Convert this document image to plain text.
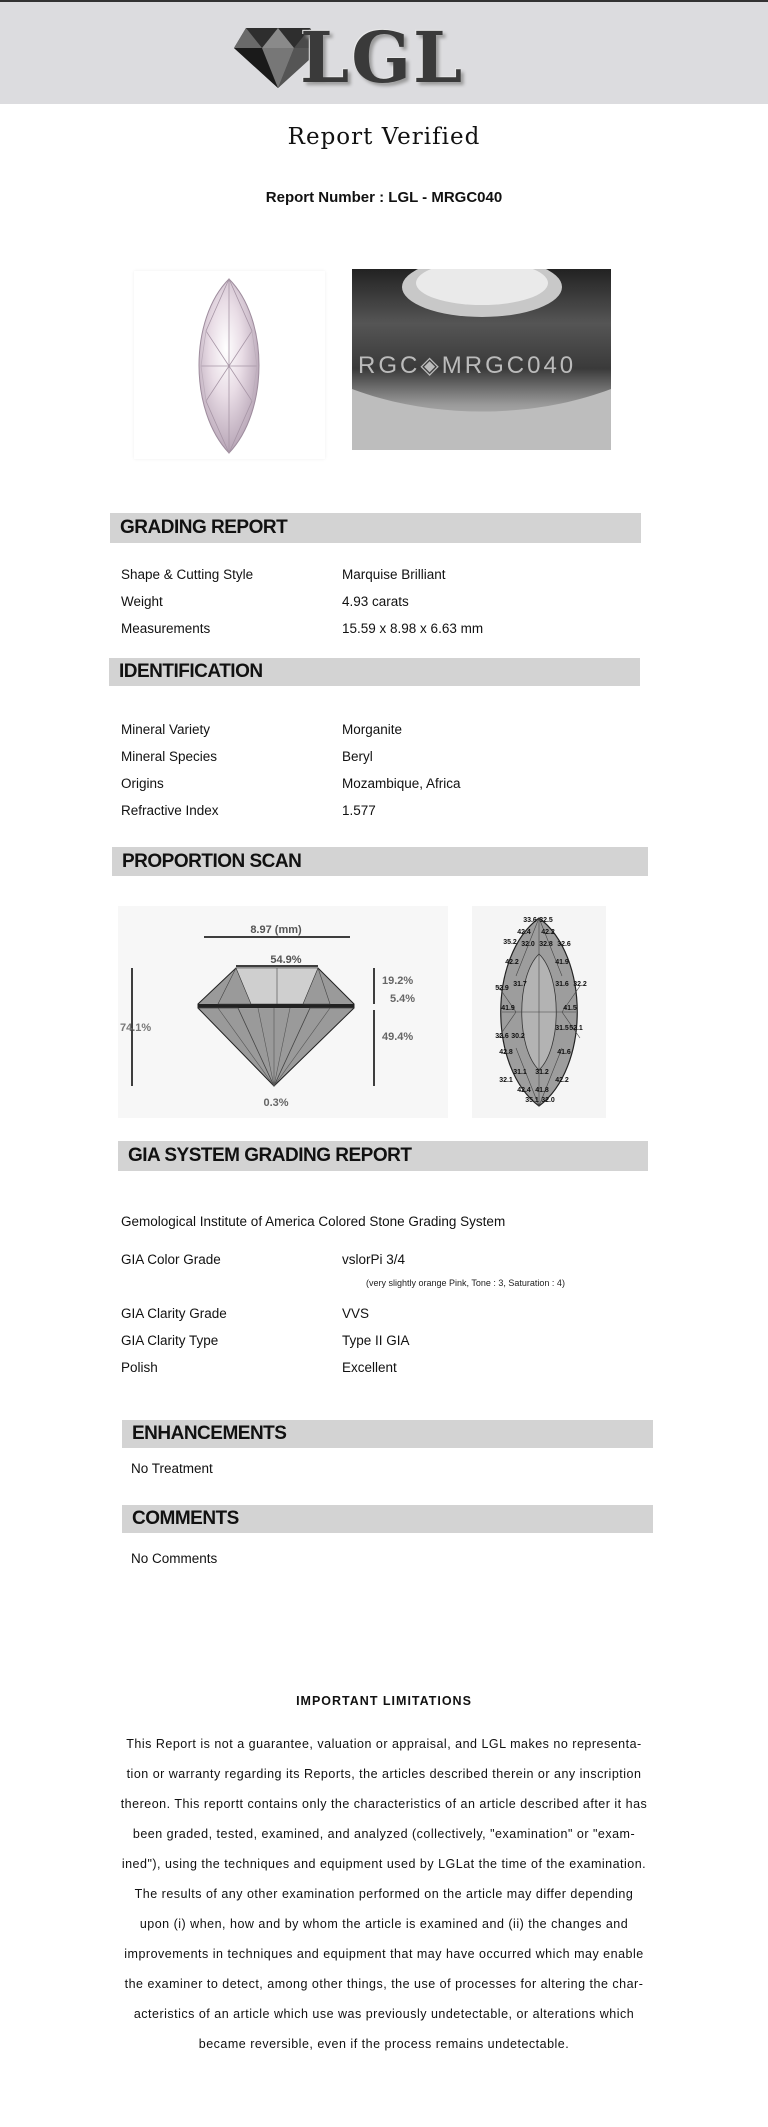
LGL
Report Verified
Report Number : LGL - MRGC040
RGC◈MRGC040
GRADING REPORT
Shape & Cutting Style	Marquise Brilliant
Weight	4.93 carats
Measurements	15.59 x 8.98 x 6.63 mm
IDENTIFICATION
Mineral Variety	Morganite
Mineral Species	Beryl
Origins	Mozambique, Africa
Refractive Index	1.577
PROPORTION SCAN
8.97 (mm)
54.9%
74.1%
19.2%
5.4%
49.4%
0.3%
33.6 32.5
42.4 42.2
35.2 32.0 32.8 32.6
42.2	41.9
31.7	31.6 32.2
52.9
41.9	41.5
31.5 52.1
32.6 30.2
42.8	41.6
31.1 31.2
32.1	42.2
42.4 41.8
35.1 32.0
GIA SYSTEM GRADING REPORT
Gemological Institute of America Colored Stone Grading System
GIA Color Grade	vslorPi 3/4
(very slightly orange Pink, Tone : 3, Saturation : 4)
GIA Clarity Grade	VVS
GIA Clarity Type	Type II GIA
Polish	Excellent
ENHANCEMENTS
No Treatment
COMMENTS
No Comments
IMPORTANT LIMITATIONS
This Report is not a guarantee, valuation or appraisal, and LGL makes no representa-
tion or warranty regarding its Reports, the articles described therein or any inscription
thereon. This reportt contains only the characteristics of an article described after it has
been graded, tested, examined, and analyzed (collectively, "examination" or "exam-
ined"), using the techniques and equipment used by LGLat the time of the examination.
The results of any other examination performed on the article may differ depending
upon (i) when, how and by whom the article is examined and (ii) the changes and
improvements in techniques and equipment that may have occurred which may enable
the examiner to detect, among other things, the use of processes for altering the char-
acteristics of an article which use was previously undetectable, or alterations which
became reversible, even if the process remains undetectable.
